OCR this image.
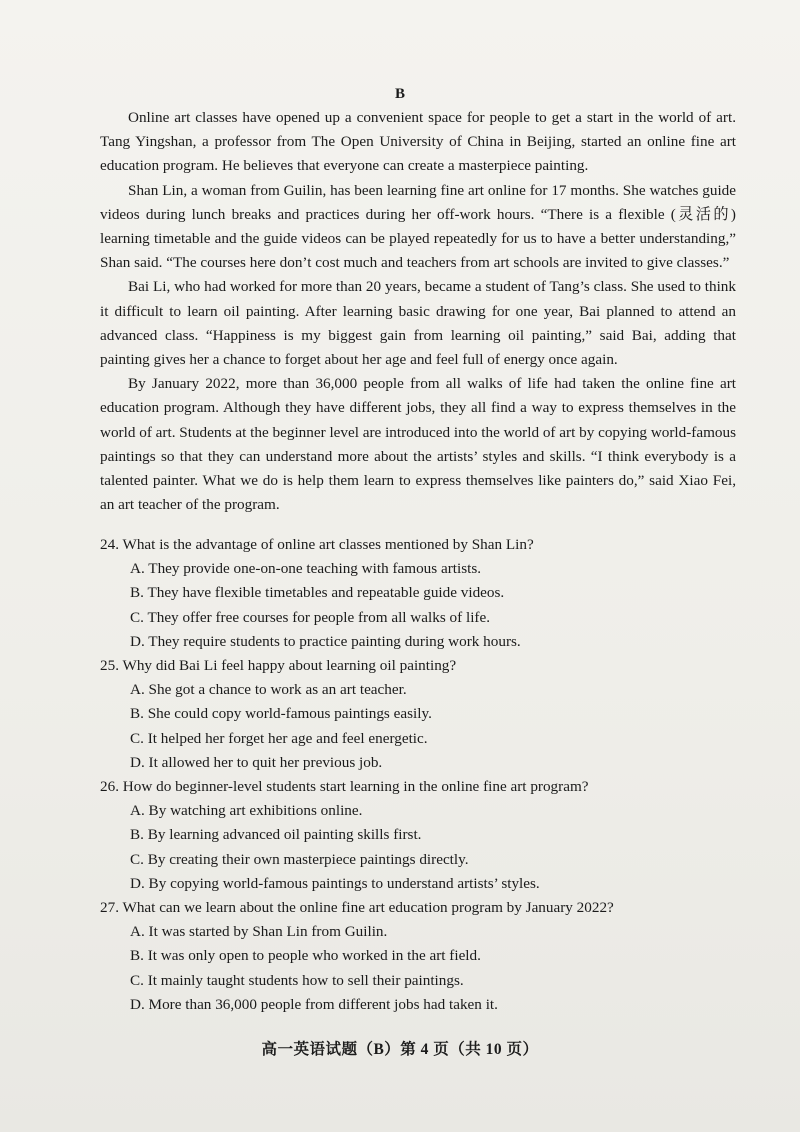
B

Online art classes have opened up a convenient space for people to get a start in the world of art. Tang Yingshan, a professor from The Open University of China in Beijing, started an online fine art education program. He believes that everyone can create a masterpiece painting.

Shan Lin, a woman from Guilin, has been learning fine art online for 17 months. She watches guide videos during lunch breaks and practices during her off-work hours. “There is a flexible (灵活的) learning timetable and the guide videos can be played repeatedly for us to have a better understanding,” Shan said. “The courses here don’t cost much and teachers from art schools are invited to give classes.”

Bai Li, who had worked for more than 20 years, became a student of Tang’s class. She used to think it difficult to learn oil painting. After learning basic drawing for one year, Bai planned to attend an advanced class. “Happiness is my biggest gain from learning oil painting,” said Bai, adding that painting gives her a chance to forget about her age and feel full of energy once again.

By January 2022, more than 36,000 people from all walks of life had taken the online fine art education program. Although they have different jobs, they all find a way to express themselves in the world of art. Students at the beginner level are introduced into the world of art by copying world-famous paintings so that they can understand more about the artists’ styles and skills. “I think everybody is a talented painter. What we do is help them learn to express themselves like painters do,” said Xiao Fei, an art teacher of the program.

24. What is the advantage of online art classes mentioned by Shan Lin?

A. They provide one-on-one teaching with famous artists.
B. They have flexible timetables and repeatable guide videos.
C. They offer free courses for people from all walks of life.
D. They require students to practice painting during work hours.

25. Why did Bai Li feel happy about learning oil painting?

A. She got a chance to work as an art teacher.
B. She could copy world-famous paintings easily.
C. It helped her forget her age and feel energetic.
D. It allowed her to quit her previous job.

26. How do beginner-level students start learning in the online fine art program?

A. By watching art exhibitions online.
B. By learning advanced oil painting skills first.
C. By creating their own masterpiece paintings directly.
D. By copying world-famous paintings to understand artists’ styles.

27. What can we learn about the online fine art education program by January 2022?

A. It was started by Shan Lin from Guilin.
B. It was only open to people who worked in the art field.
C. It mainly taught students how to sell their paintings.
D. More than 36,000 people from different jobs had taken it.
高一英语试题（B）第 4 页（共 10 页）
